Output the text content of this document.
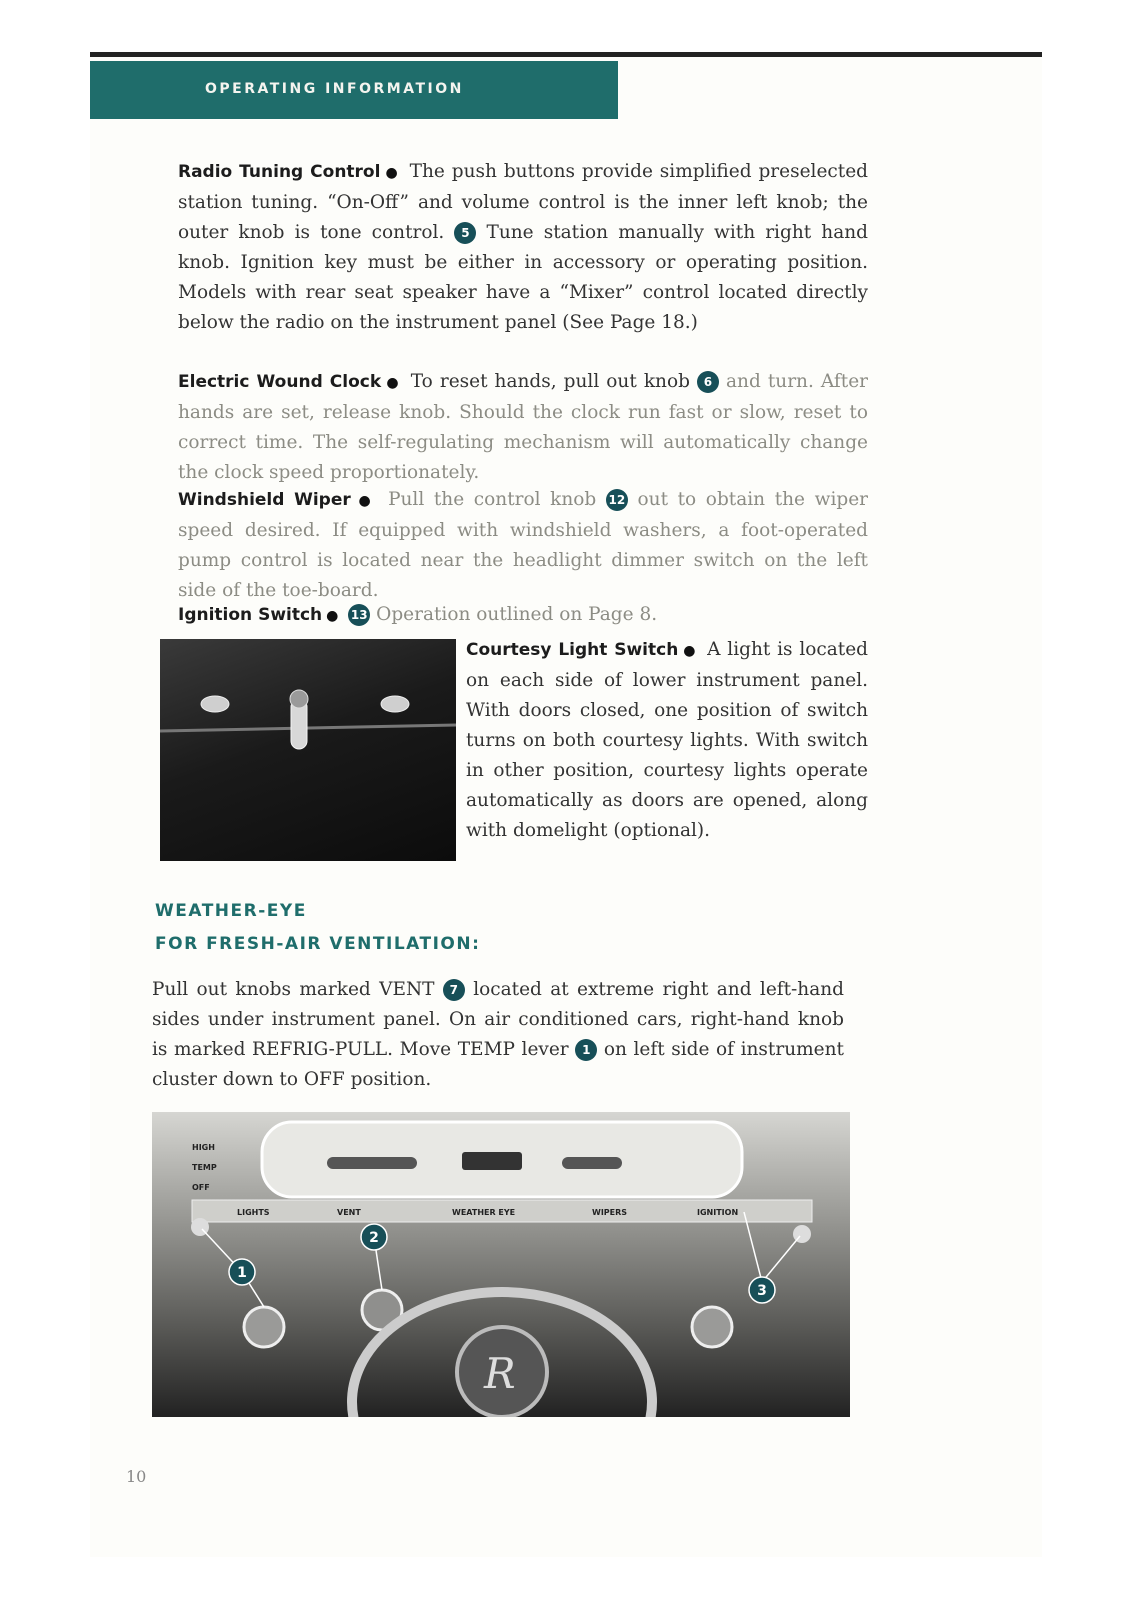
OPERATING INFORMATION
Radio Tuning Control ● The push buttons provide simplified preselected station tuning. “On-Off” and volume control is the inner left knob; the outer knob is tone control. 5 Tune station manually with right hand knob. Ignition key must be either in accessory or operating position. Models with rear seat speaker have a “Mixer” control located directly below the radio on the instrument panel (See Page 18.)
Electric Wound Clock ● To reset hands, pull out knob 6 and turn. After hands are set, release knob. Should the clock run fast or slow, reset to correct time. The self-regulating mechanism will automatically change the clock speed proportionately.
Windshield Wiper ● Pull the control knob 12 out to obtain the wiper speed desired. If equipped with windshield washers, a foot-operated pump control is located near the headlight dimmer switch on the left side of the toe-board.
Ignition Switch ● 13 Operation outlined on Page 8.
Courtesy Light Switch ● A light is located on each side of lower instrument panel. With doors closed, one position of switch turns on both courtesy lights. With switch in other position, courtesy lights operate automatically as doors are opened, along with domelight (optional).
WEATHER-EYE
FOR FRESH-AIR VENTILATION:
Pull out knobs marked VENT 7 located at extreme right and left-hand sides under instrument panel. On air conditioned cars, right-hand knob is marked REFRIG-PULL. Move TEMP lever 1 on left side of instrument cluster down to OFF position.
HIGH
TEMP
OFF
LIGHTS	VENT	WEATHER EYE	WIPERS	IGNITION
R
1
2
3
10
